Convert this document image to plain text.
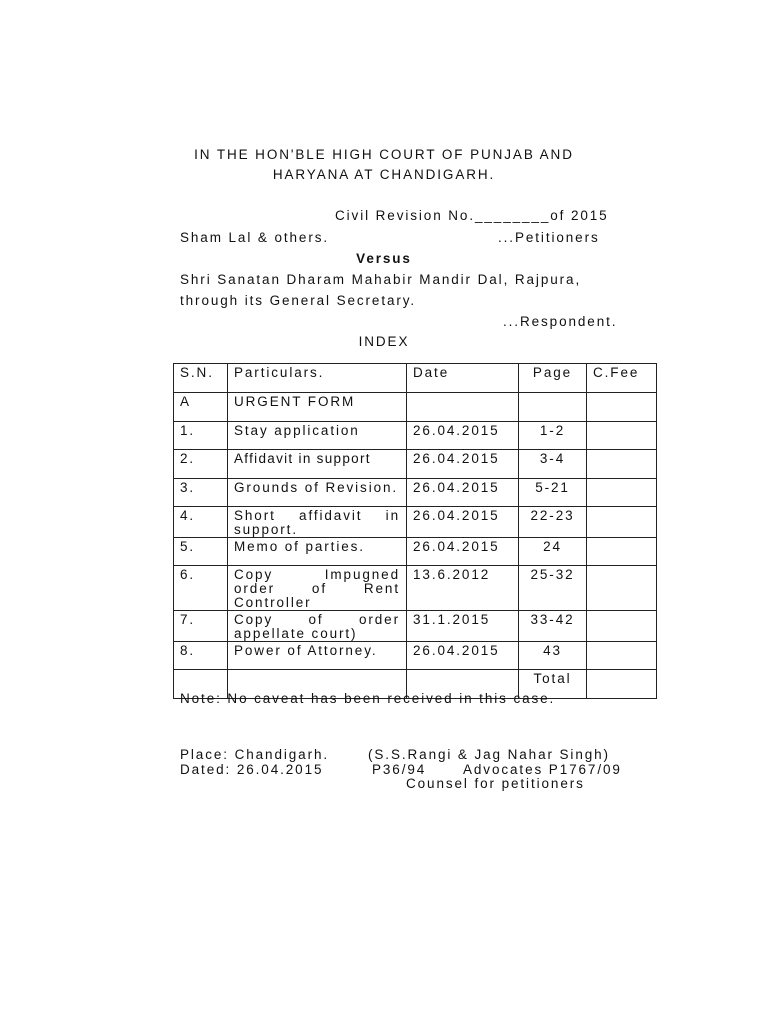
IN THE HON'BLE HIGH COURT OF PUNJAB AND
HARYANA AT CHANDIGARH.
Civil Revision No.________of 2015
Sham Lal & others.	...Petitioners
Versus
Shri Sanatan Dharam Mahabir Mandir Dal, Rajpura,
through its General Secretary.
...Respondent.
INDEX
S.N.	Particulars.	Date	Page	C.Fee
A	URGENT FORM			
1.	Stay application	26.04.2015	1-2	
2.	Affidavit in support	26.04.2015	3-4	
3.	Grounds of Revision.	26.04.2015	5-21	
4.	Short affidavit in support.	26.04.2015	22-23	
5.	Memo of parties.	26.04.2015	24	
6.	Copy Impugned order of Rent Controller	13.6.2012	25-32	
7.	Copy of order appellate court)	31.1.2015	33-42	
8.	Power of Attorney.	26.04.2015	43	
			Total	
Note: No caveat has been received in this case.
Place: Chandigarh.	(S.S.Rangi & Jag Nahar Singh)
Dated: 26.04.2015	P36/94	Advocates P1767/09
Counsel for petitioners
